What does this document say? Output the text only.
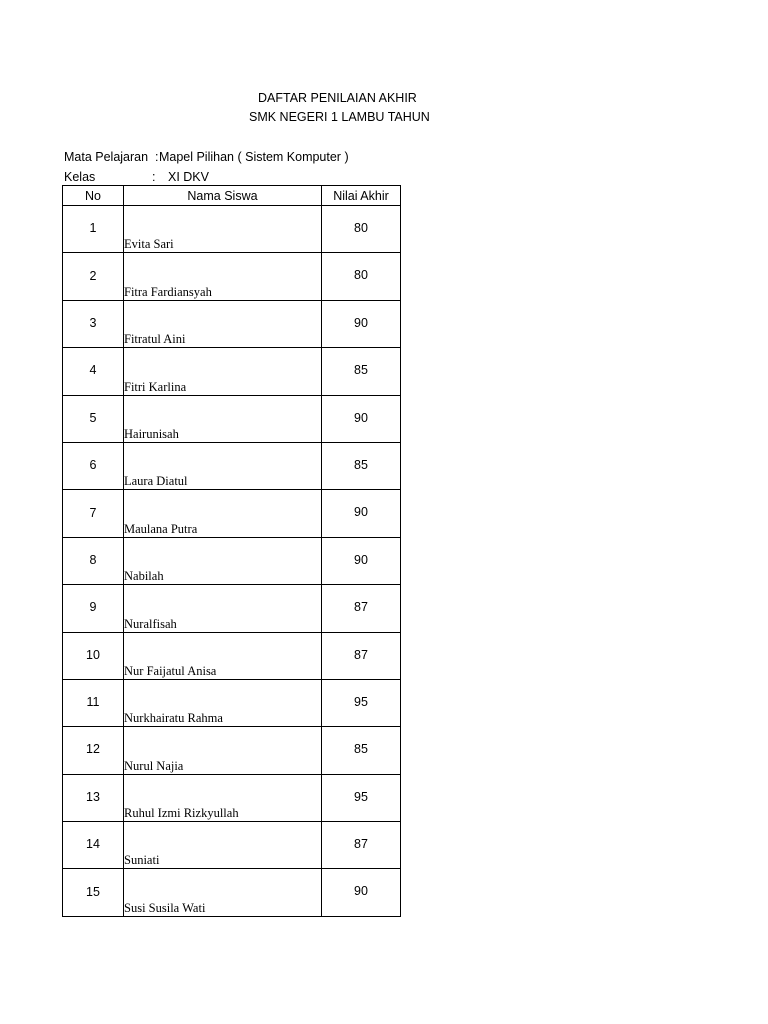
DAFTAR PENILAIAN AKHIR
SMK NEGERI 1 LAMBU TAHUN
Mata Pelajaran :  Mapel Pilihan ( Sistem Komputer )
Kelas	: XI DKV
No	Nama Siswa	Nilai Akhir

1	Evita Sari	80

2	Fitra Fardiansyah	80

3	Fitratul Aini	90

4	Fitri Karlina	85

5	Hairunisah	90

6	Laura Diatul	85

7	Maulana Putra	90

8	Nabilah	90

9	Nuralfisah	87

10	Nur Faijatul Anisa	87

11	Nurkhairatu Rahma	95

12	Nurul Najia	85

13	Ruhul Izmi Rizkyullah	95

14	Suniati	87

15	Susi Susila Wati	90
